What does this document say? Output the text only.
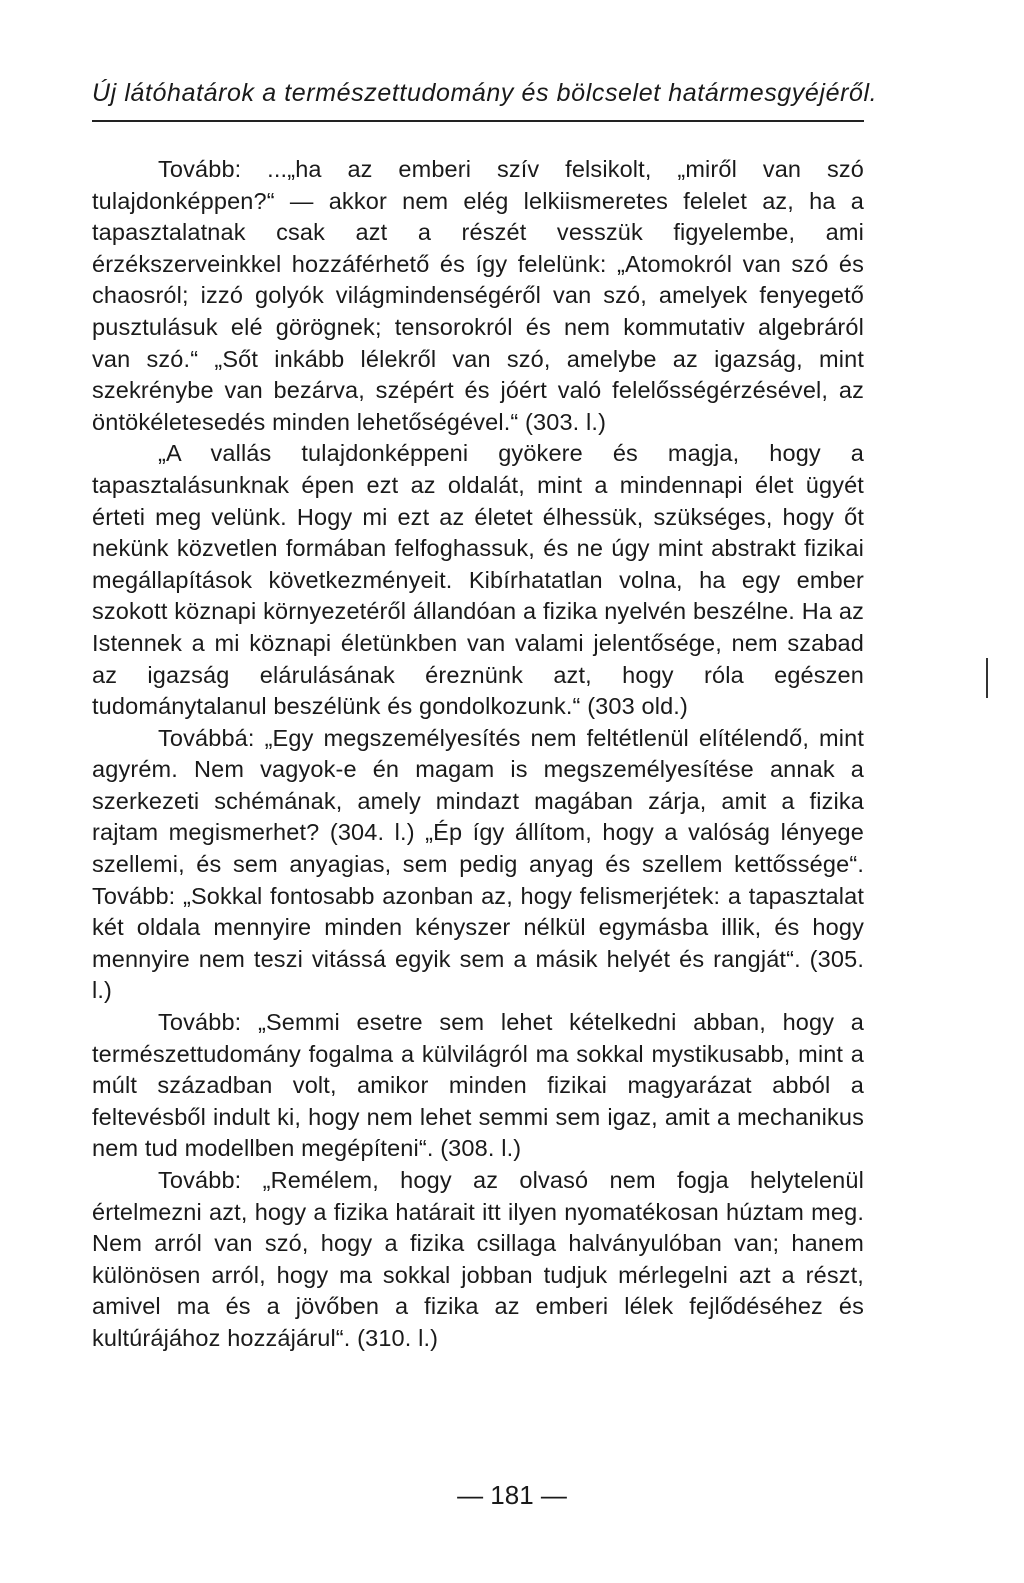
Új látóhatárok a természettudomány és bölcselet határmesgyéjéről.

Tovább: ...„ha az emberi szív felsikolt, „miről van szó tulajdonképpen?“ — akkor nem elég lelkiismeretes felelet az, ha a tapasztalatnak csak azt a részét vesszük figyelembe, ami érzékszerveinkkel hozzáférhető és így felelünk: „Atomokról van szó és chaosról; izzó golyók világmindenségéről van szó, amelyek fenyegető pusztulásuk elé görögnek; tensorokról és nem kommutativ algebráról van szó.“ „Sőt inkább lélekről van szó, amelybe az igazság, mint szekrénybe van bezárva, szépért és jóért való felelősségérzésével, az öntökéletesedés minden lehetőségével.“ (303. l.)

„A vallás tulajdonképpeni gyökere és magja, hogy a tapasztalásunknak épen ezt az oldalát, mint a mindennapi élet ügyét érteti meg velünk. Hogy mi ezt az életet élhessük, szükséges, hogy őt nekünk közvetlen formában felfoghassuk, és ne úgy mint abstrakt fizikai megállapítások következményeit. Kibírhatatlan volna, ha egy ember szokott köznapi környezetéről állandóan a fizika nyelvén beszélne. Ha az Istennek a mi köznapi életünkben van valami jelentősége, nem szabad az igazság elárulásának éreznünk azt, hogy róla egészen tudománytalanul beszélünk és gondolkozunk.“ (303 old.)

Továbbá: „Egy megszemélyesítés nem feltétlenül elítélendő, mint agyrém. Nem vagyok-e én magam is megszemélyesítése annak a szerkezeti schémának, amely mindazt magában zárja, amit a fizika rajtam megismerhet? (304. l.) „Ép így állítom, hogy a valóság lényege szellemi, és sem anyagias, sem pedig anyag és szellem kettőssége“. Tovább: „Sokkal fontosabb azonban az, hogy felismerjétek: a tapasztalat két oldala mennyire minden kényszer nélkül egymásba illik, és hogy mennyire nem teszi vitássá egyik sem a másik helyét és rangját“. (305. l.)

Tovább: „Semmi esetre sem lehet kételkedni abban, hogy a természettudomány fogalma a külvilágról ma sokkal mystikusabb, mint a múlt században volt, amikor minden fizikai magyarázat abból a feltevésből indult ki, hogy nem lehet semmi sem igaz, amit a mechanikus nem tud modellben megépíteni“. (308. l.)

Tovább: „Remélem, hogy az olvasó nem fogja helytelenül értelmezni azt, hogy a fizika határait itt ilyen nyomatékosan húztam meg. Nem arról van szó, hogy a fizika csillaga halványulóban van; hanem különösen arról, hogy ma sokkal jobban tudjuk mérlegelni azt a részt, amivel ma és a jövőben a fizika az emberi lélek fejlődéséhez és kultúrájához hozzájárul“. (310. l.)

— 181 —
